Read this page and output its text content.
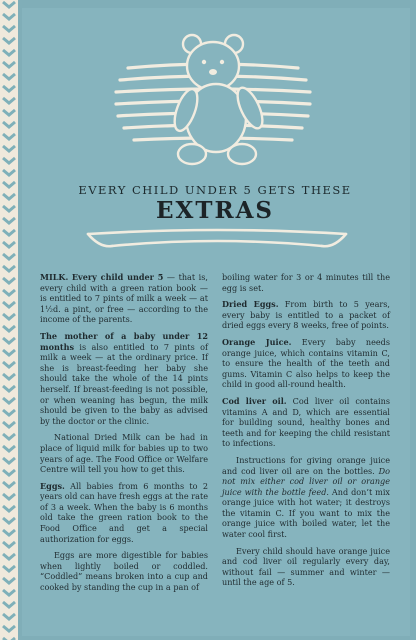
EVERY CHILD UNDER 5 GETS THESE
EXTRAS

MILK. Every child under 5 — that is, every child with a green ration book — is entitled to 7 pints of milk a week — at 1½d. a pint, or free — according to the income of the parents.

The mother of a baby under 12 months is also entitled to 7 pints of milk a week — at the ordinary price. If she is breast-feeding her baby she should take the whole of the 14 pints herself. If breast-feeding is not possible, or when weaning has begun, the milk should be given to the baby as advised by the doctor or the clinic.

National Dried Milk can be had in place of liquid milk for babies up to two years of age. The Food Office or Welfare Centre will tell you how to get this.

Eggs. All babies from 6 months to 2 years old can have fresh eggs at the rate of 3 a week. When the baby is 6 months old take the green ration book to the Food Office and get a special authorization for eggs.

Eggs are more digestible for babies when lightly boiled or coddled. “Coddled” means broken into a cup and cooked by standing the cup in a pan of

boiling water for 3 or 4 minutes till the egg is set.

Dried Eggs. From birth to 5 years, every baby is entitled to a packet of dried eggs every 8 weeks, free of points.

Orange Juice. Every baby needs orange juice, which contains vitamin C, to ensure the health of the teeth and gums. Vitamin C also helps to keep the child in good all-round health.

Cod liver oil. Cod liver oil contains vitamins A and D, which are essential for building sound, healthy bones and teeth and for keeping the child resistant to infections.

Instructions for giving orange juice and cod liver oil are on the bottles. Do not mix either cod liver oil or orange juice with the bottle feed. And don’t mix orange juice with hot water; it destroys the vitamin C. If you want to mix the orange juice with boiled water, let the water cool first.

Every child should have orange juice and cod liver oil regularly every day, without fail — summer and winter — until the age of 5.
